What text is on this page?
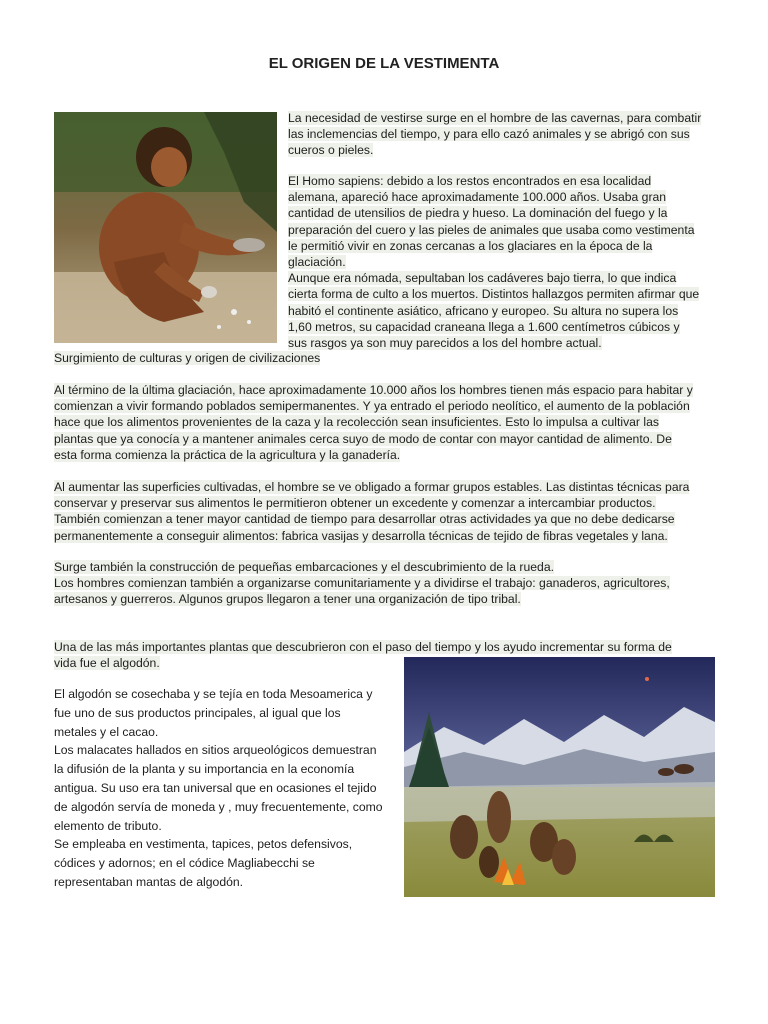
EL ORIGEN DE LA VESTIMENTA
La necesidad de vestirse surge en el hombre de las cavernas, para combatir
las inclemencias del tiempo, y para ello cazó animales y se abrigó con sus
cueros o pieles.
El Homo sapiens: debido a los restos encontrados en esa localidad
alemana, apareció hace aproximadamente 100.000 años. Usaba gran
cantidad de utensilios de piedra y hueso. La dominación del fuego y la
preparación del cuero y las pieles de animales que usaba como vestimenta
le permitió vivir en zonas cercanas a los glaciares en la época de la
glaciación.
Aunque era nómada, sepultaban los cadáveres bajo tierra, lo que indica
cierta forma de culto a los muertos. Distintos hallazgos permiten afirmar que
habitó el continente asiático, africano y europeo. Su altura no supera los
1,60 metros, su capacidad craneana llega a 1.600 centímetros cúbicos y
sus rasgos ya son muy parecidos a los del hombre actual.
Surgimiento de culturas y origen de civilizaciones
Al término de la última glaciación, hace aproximadamente 10.000 años los hombres tienen más espacio para habitar y
comienzan a vivir formando poblados semipermanentes. Y ya entrado el periodo neolítico, el aumento de la población
hace que los alimentos provenientes de la caza y la recolección sean insuficientes. Esto lo impulsa a cultivar las
plantas que ya conocía y a mantener animales cerca suyo de modo de contar con mayor cantidad de alimento. De
esta forma comienza la práctica de la agricultura y la ganadería.
Al aumentar las superficies cultivadas, el hombre se ve obligado a formar grupos estables. Las distintas técnicas para
conservar y preservar sus alimentos le permitieron obtener un excedente y comenzar a intercambiar productos.
También comienzan a tener mayor cantidad de tiempo para desarrollar otras actividades ya que no debe dedicarse
permanentemente a conseguir alimentos: fabrica vasijas y desarrolla técnicas de tejido de fibras vegetales y lana.
Surge también la construcción de pequeñas embarcaciones y el descubrimiento de la rueda.
Los hombres comienzan también a organizarse comunitariamente y a dividirse el trabajo: ganaderos, agricultores,
artesanos y guerreros. Algunos grupos llegaron a tener una organización de tipo tribal.
Una de las más importantes plantas que descubrieron con el paso del tiempo y los ayudo incrementar su forma de
vida fue el algodón.
El algodón se cosechaba y se tejía en toda Mesoamerica y
fue uno de sus productos principales, al igual que los
metales y el cacao.
Los malacates hallados en sitios arqueológicos demuestran
la difusión de la planta y su importancia en la economía
antigua. Su uso era tan universal que en ocasiones el tejido
de algodón servía de moneda y , muy frecuentemente, como
elemento de tributo.
Se empleaba en vestimenta, tapices, petos defensivos,
códices y adornos; en el códice Magliabecchi se
representaban mantas de algodón.
